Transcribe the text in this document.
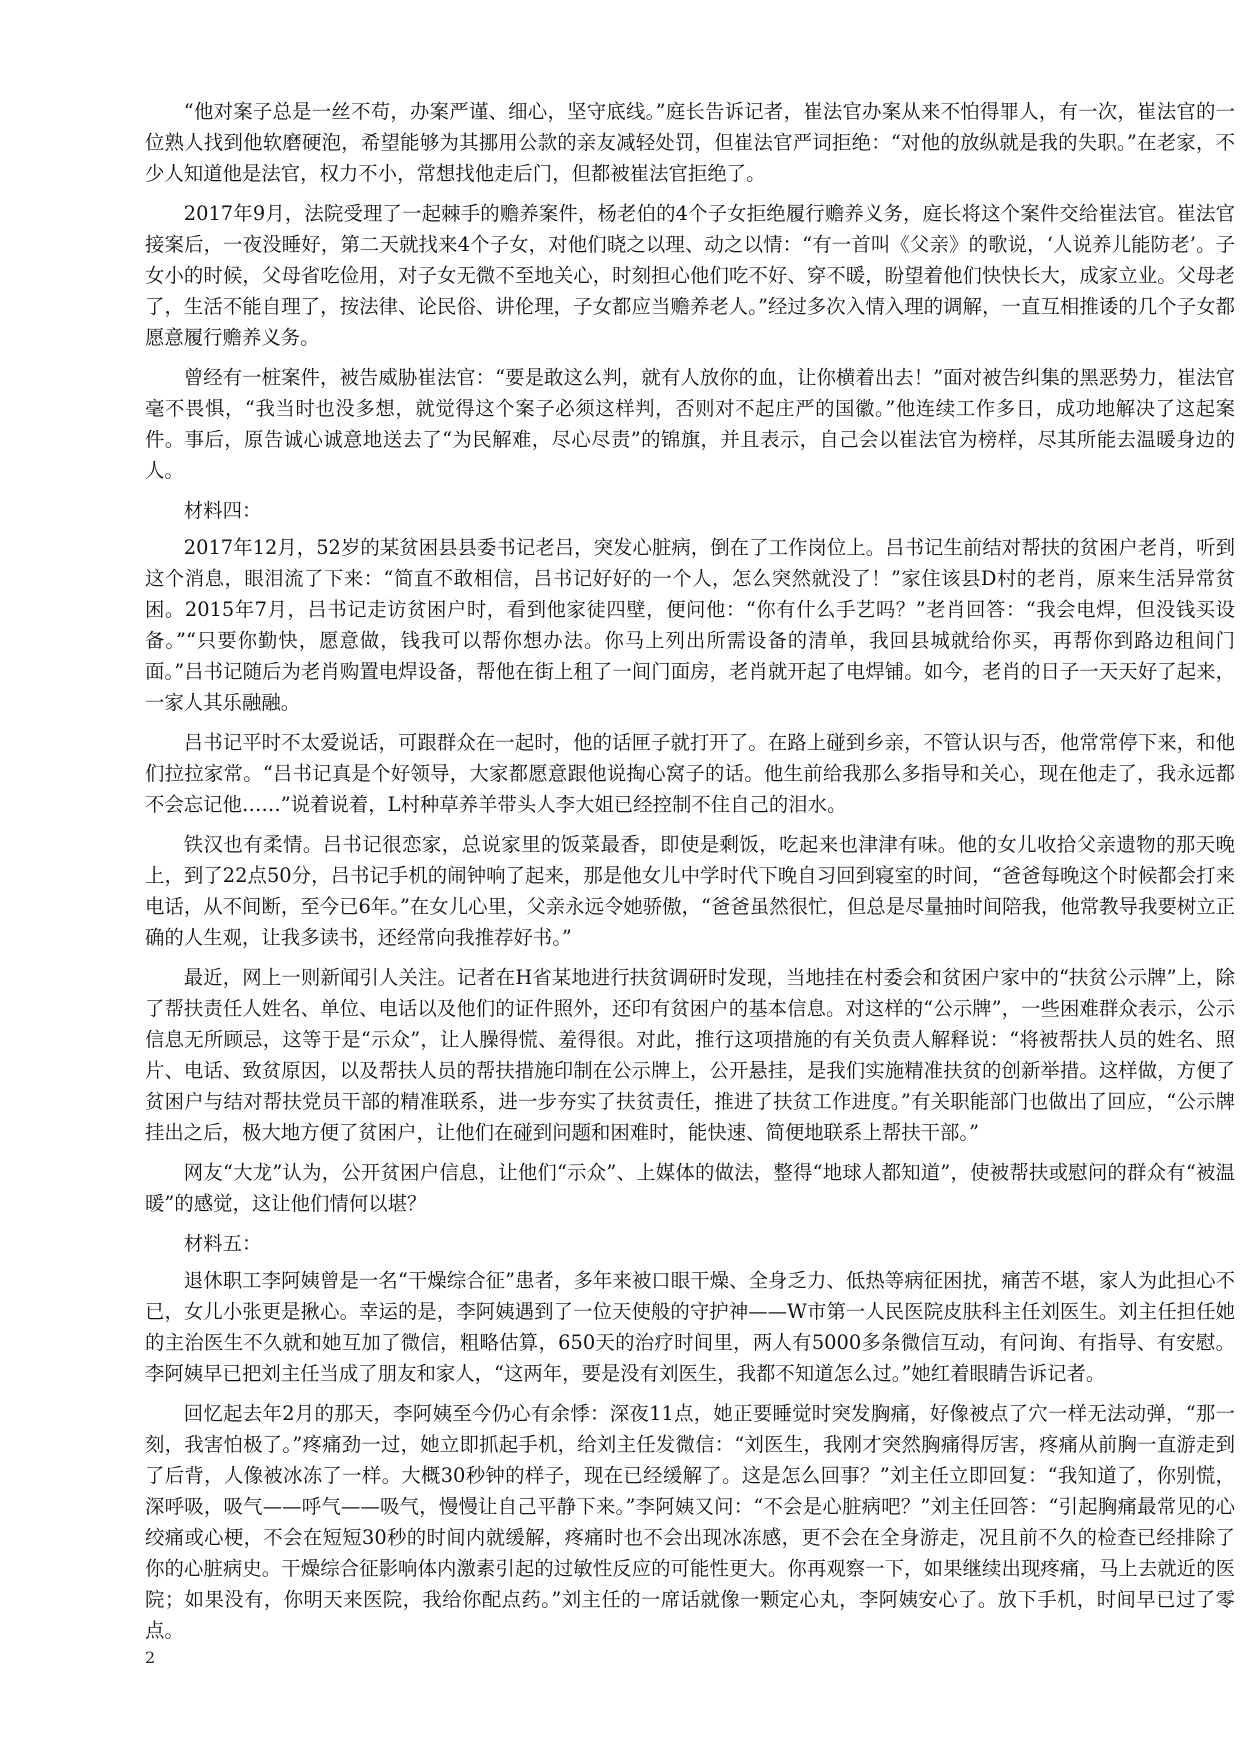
“他对案子总是一丝不苟，办案严谨、细心，坚守底线。”庭长告诉记者，崔法官办案从来不怕得罪人，有一次，崔法官的一位熟人找到他软磨硬泡，希望能够为其挪用公款的亲友减轻处罚，但崔法官严词拒绝：“对他的放纵就是我的失职。”在老家，不少人知道他是法官，权力不小，常想找他走后门，但都被崔法官拒绝了。

2017年9月，法院受理了一起棘手的赡养案件，杨老伯的4个子女拒绝履行赡养义务，庭长将这个案件交给崔法官。崔法官接案后，一夜没睡好，第二天就找来4个子女，对他们晓之以理、动之以情：“有一首叫《父亲》的歌说，‘人说养儿能防老’。子女小的时候，父母省吃俭用，对子女无微不至地关心，时刻担心他们吃不好、穿不暖，盼望着他们快快长大，成家立业。父母老了，生活不能自理了，按法律、论民俗、讲伦理，子女都应当赡养老人。”经过多次入情入理的调解，一直互相推诿的几个子女都愿意履行赡养义务。

曾经有一桩案件，被告威胁崔法官：“要是敢这么判，就有人放你的血，让你横着出去！”面对被告纠集的黑恶势力，崔法官毫不畏惧，“我当时也没多想，就觉得这个案子必须这样判，否则对不起庄严的国徽。”他连续工作多日，成功地解决了这起案件。事后，原告诚心诚意地送去了“为民解难，尽心尽责”的锦旗，并且表示，自己会以崔法官为榜样，尽其所能去温暖身边的人。

材料四：

2017年12月，52岁的某贫困县县委书记老吕，突发心脏病，倒在了工作岗位上。吕书记生前结对帮扶的贫困户老肖，听到这个消息，眼泪流了下来：“简直不敢相信，吕书记好好的一个人，怎么突然就没了！”家住该县D村的老肖，原来生活异常贫困。2015年7月，吕书记走访贫困户时，看到他家徒四壁，便问他：“你有什么手艺吗？”老肖回答：“我会电焊，但没钱买设备。”“只要你勤快，愿意做，钱我可以帮你想办法。你马上列出所需设备的清单，我回县城就给你买，再帮你到路边租间门面。”吕书记随后为老肖购置电焊设备，帮他在街上租了一间门面房，老肖就开起了电焊铺。如今，老肖的日子一天天好了起来，一家人其乐融融。

吕书记平时不太爱说话，可跟群众在一起时，他的话匣子就打开了。在路上碰到乡亲，不管认识与否，他常常停下来，和他们拉拉家常。“吕书记真是个好领导，大家都愿意跟他说掏心窝子的话。他生前给我那么多指导和关心，现在他走了，我永远都不会忘记他……”说着说着，L村种草养羊带头人李大姐已经控制不住自己的泪水。

铁汉也有柔情。吕书记很恋家，总说家里的饭菜最香，即使是剩饭，吃起来也津津有味。他的女儿收拾父亲遗物的那天晚上，到了22点50分，吕书记手机的闹钟响了起来，那是他女儿中学时代下晚自习回到寝室的时间，“爸爸每晚这个时候都会打来电话，从不间断，至今已6年。”在女儿心里，父亲永远令她骄傲，“爸爸虽然很忙，但总是尽量抽时间陪我，他常教导我要树立正确的人生观，让我多读书，还经常向我推荐好书。”

最近，网上一则新闻引人关注。记者在H省某地进行扶贫调研时发现，当地挂在村委会和贫困户家中的“扶贫公示牌”上，除了帮扶责任人姓名、单位、电话以及他们的证件照外，还印有贫困户的基本信息。对这样的“公示牌”，一些困难群众表示，公示信息无所顾忌，这等于是“示众”，让人臊得慌、羞得很。对此，推行这项措施的有关负责人解释说：“将被帮扶人员的姓名、照片、电话、致贫原因，以及帮扶人员的帮扶措施印制在公示牌上，公开悬挂，是我们实施精准扶贫的创新举措。这样做，方便了贫困户与结对帮扶党员干部的精准联系，进一步夯实了扶贫责任，推进了扶贫工作进度。”有关职能部门也做出了回应，“公示牌挂出之后，极大地方便了贫困户，让他们在碰到问题和困难时，能快速、简便地联系上帮扶干部。”

网友“大龙”认为，公开贫困户信息，让他们“示众”、上媒体的做法，整得“地球人都知道”，使被帮扶或慰问的群众有“被温暖”的感觉，这让他们情何以堪？

材料五：

退休职工李阿姨曾是一名“干燥综合征”患者，多年来被口眼干燥、全身乏力、低热等病征困扰，痛苦不堪，家人为此担心不已，女儿小张更是揪心。幸运的是，李阿姨遇到了一位天使般的守护神——W市第一人民医院皮肤科主任刘医生。刘主任担任她的主治医生不久就和她互加了微信，粗略估算，650天的治疗时间里，两人有5000多条微信互动，有问询、有指导、有安慰。李阿姨早已把刘主任当成了朋友和家人，“这两年，要是没有刘医生，我都不知道怎么过。”她红着眼睛告诉记者。

回忆起去年2月的那天，李阿姨至今仍心有余悸：深夜11点，她正要睡觉时突发胸痛，好像被点了穴一样无法动弹，“那一刻，我害怕极了。”疼痛劲一过，她立即抓起手机，给刘主任发微信：“刘医生，我刚才突然胸痛得厉害，疼痛从前胸一直游走到了后背，人像被冰冻了一样。大概30秒钟的样子，现在已经缓解了。这是怎么回事？”刘主任立即回复：“我知道了，你别慌，深呼吸，吸气——呼气——吸气，慢慢让自己平静下来。”李阿姨又问：“不会是心脏病吧？”刘主任回答：“引起胸痛最常见的心绞痛或心梗，不会在短短30秒的时间内就缓解，疼痛时也不会出现冰冻感，更不会在全身游走，况且前不久的检查已经排除了你的心脏病史。干燥综合征影响体内激素引起的过敏性反应的可能性更大。你再观察一下，如果继续出现疼痛，马上去就近的医院；如果没有，你明天来医院，我给你配点药。”刘主任的一席话就像一颗定心丸，李阿姨安心了。放下手机，时间早已过了零点。

2
